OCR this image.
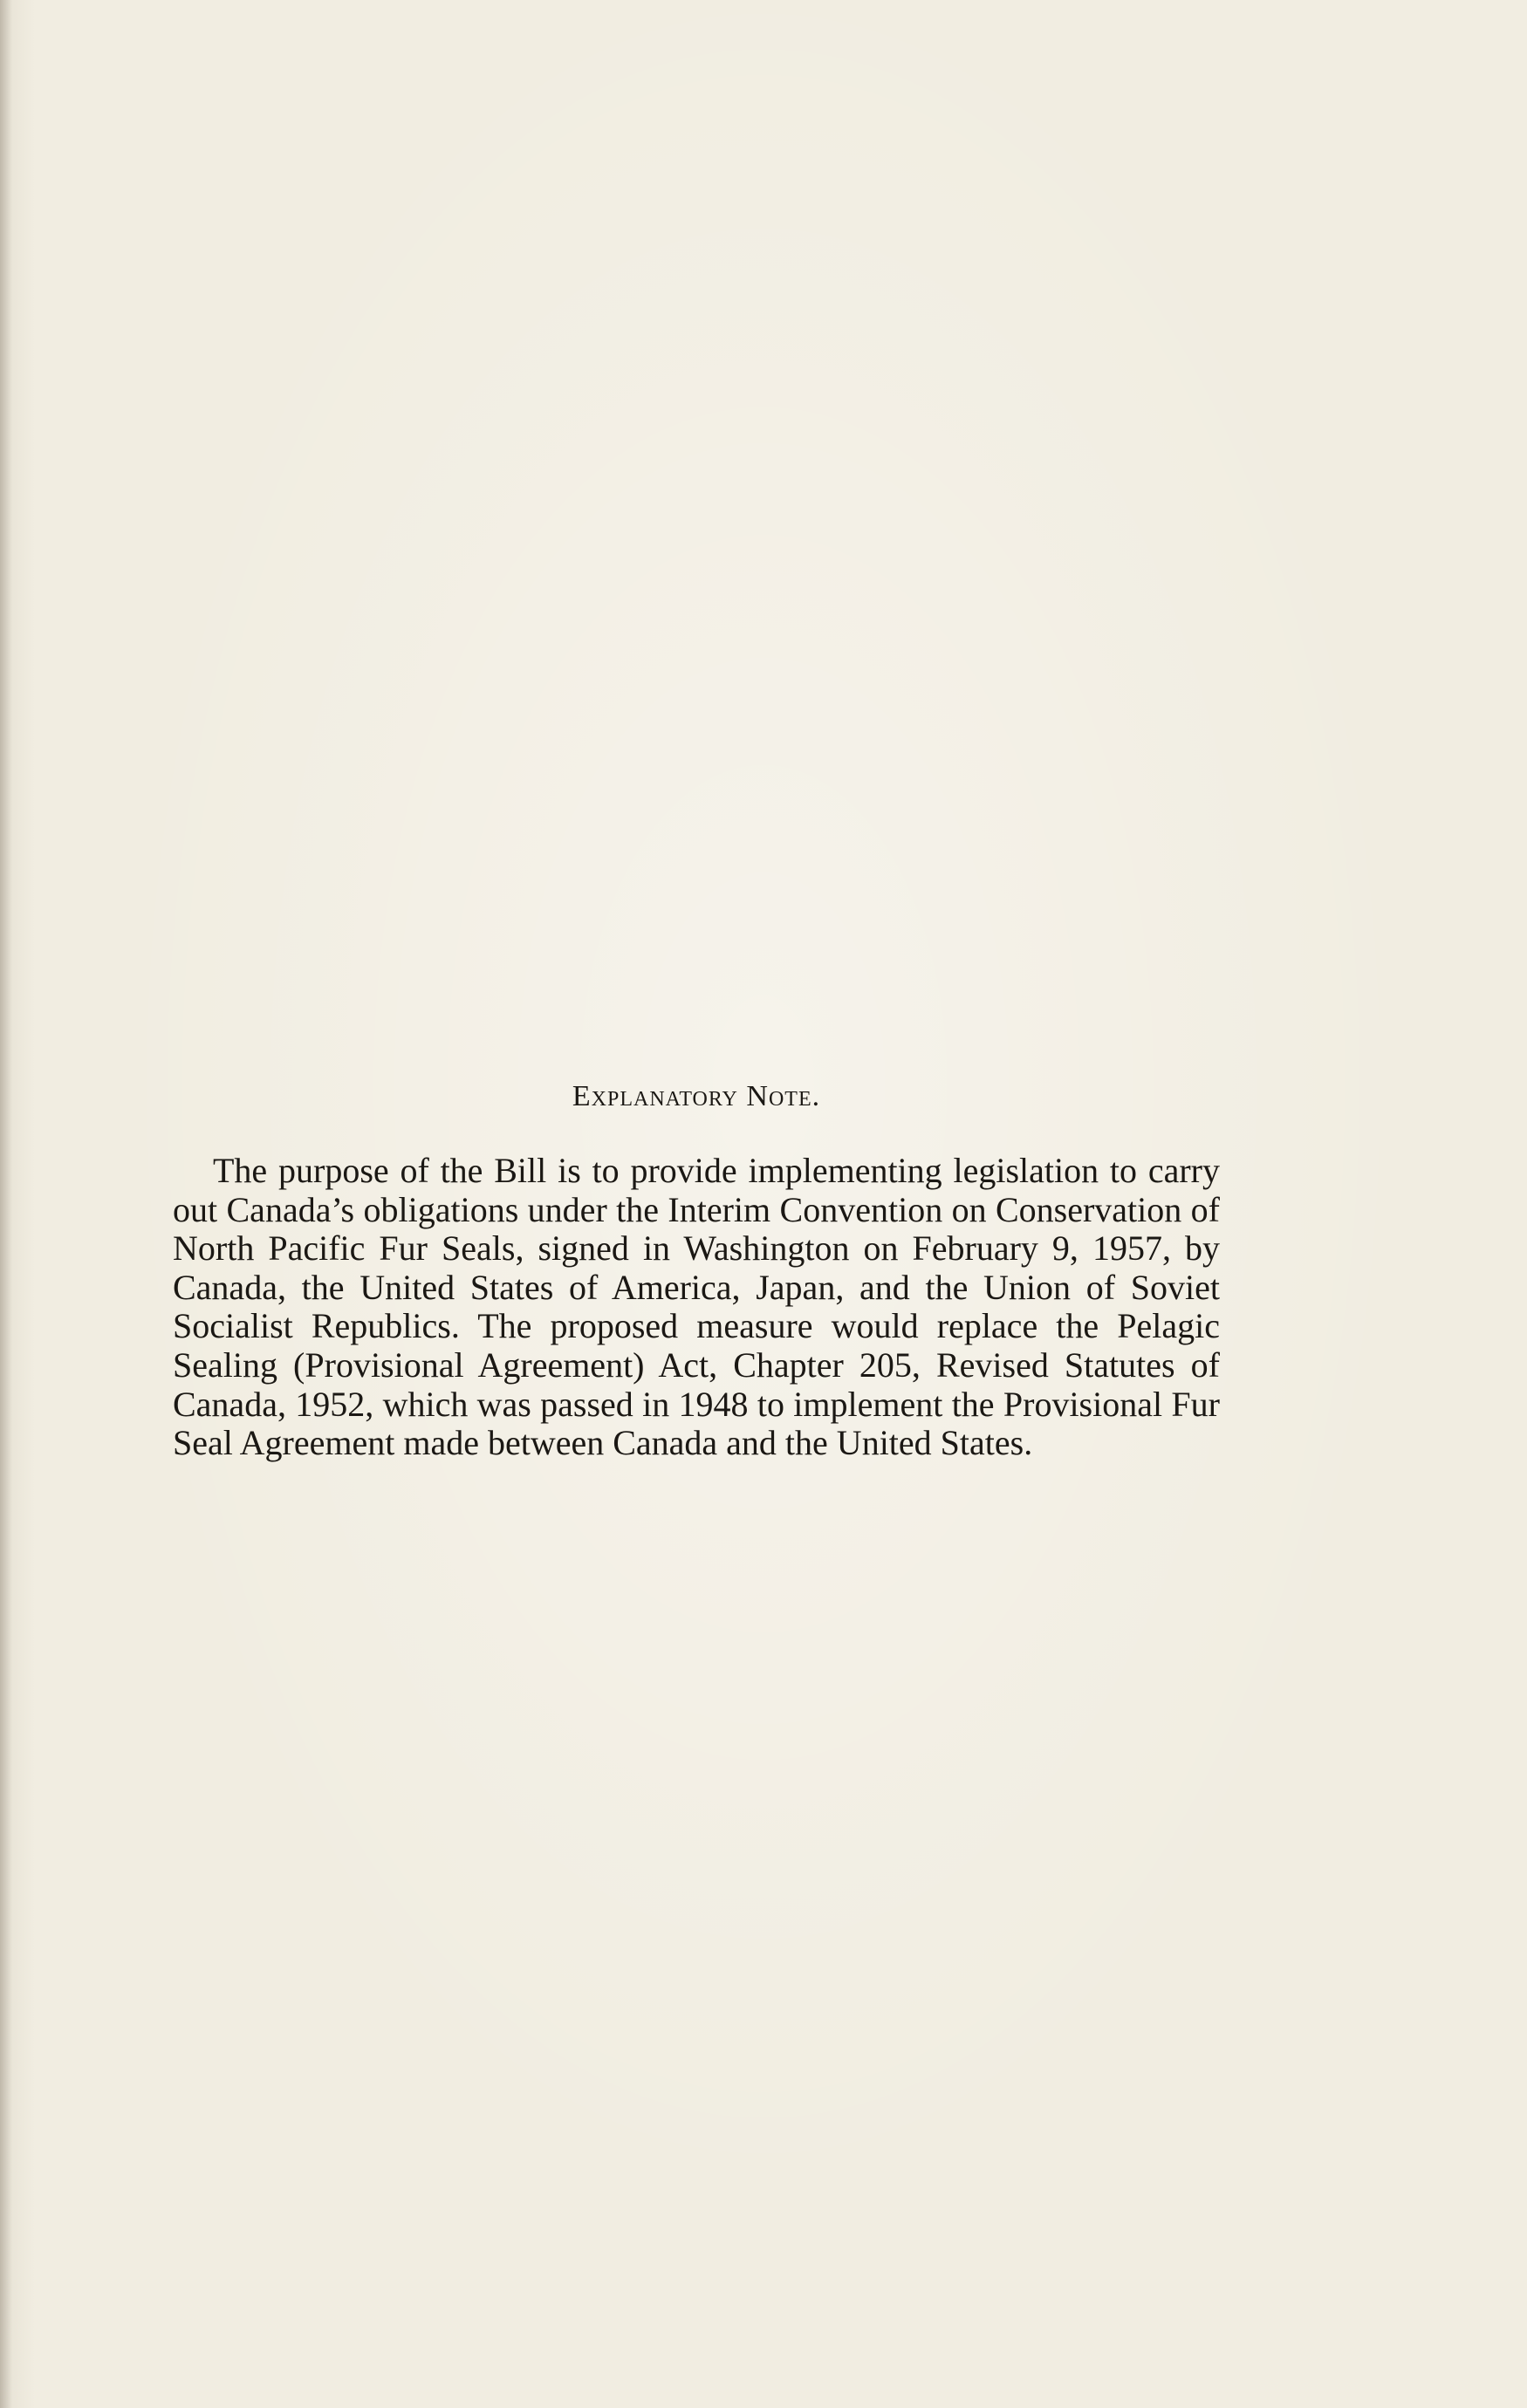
Explanatory Note.

The purpose of the Bill is to provide implementing legislation to carry out Canada’s obligations under the Interim Convention on Conservation of North Pacific Fur Seals, signed in Washington on February 9, 1957, by Canada, the United States of America, Japan, and the Union of Soviet Socialist Republics. The proposed measure would replace the Pelagic Sealing (Provisional Agreement) Act, Chapter 205, Revised Statutes of Canada, 1952, which was passed in 1948 to implement the Provisional Fur Seal Agreement made between Canada and the United States.
